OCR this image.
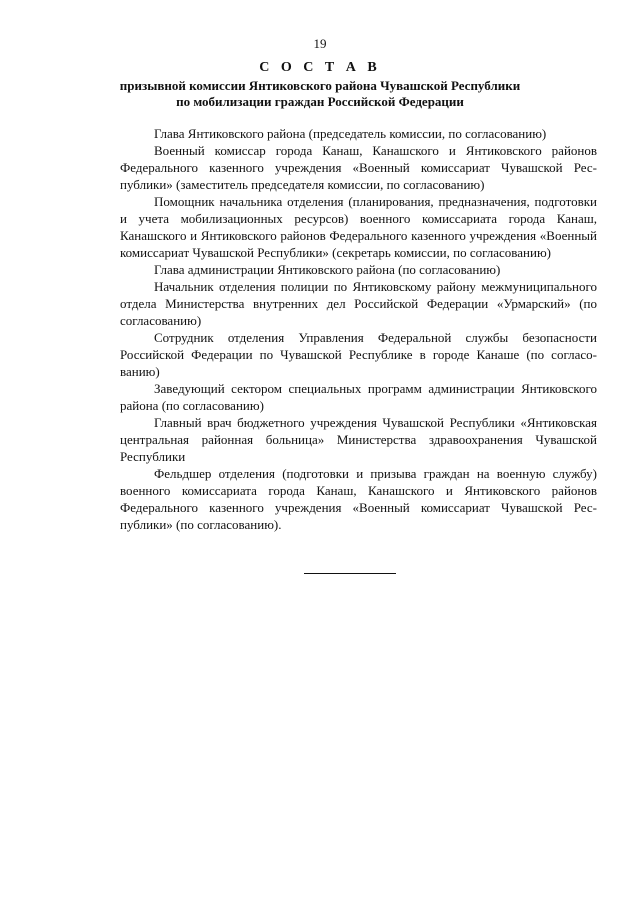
19
С О С Т А В
призывной комиссии Янтиковского района Чувашской Республики
по мобилизации граждан Российской Федерации

Глава Янтиковского района (председатель комиссии, по согласованию)

Военный комиссар города Канаш, Канашского и Янтиковского районов Федерального казенного учреждения «Военный комиссариат Чувашской Республики» (заместитель председателя комиссии, по согласованию)

Помощник начальника отделения (планирования, предназначения, подготовки и учета мобилизационных ресурсов) военного комиссариата города Канаш, Канашского и Янтиковского районов Федерального казенного учреждения «Военный комиссариат Чувашской Республики» (секретарь комиссии, по согласованию)

Глава администрации Янтиковского района (по согласованию)

Начальник отделения полиции по Янтиковскому району межмуниципального отдела Министерства внутренних дел Российской Федерации «Урмарский» (по согласованию)

Сотрудник отделения Управления Федеральной службы безопасности Российской Федерации по Чувашской Республике в городе Канаше (по согласованию)

Заведующий сектором специальных программ администрации Янтиковского района (по согласованию)

Главный врач бюджетного учреждения Чувашской Республики «Янтиковская центральная районная больница» Министерства здравоохранения Чувашской Республики

Фельдшер отделения (подготовки и призыва граждан на военную службу) военного комиссариата города Канаш, Канашского и Янтиковского районов Федерального казенного учреждения «Военный комиссариат Чувашской Республики» (по согласованию).
